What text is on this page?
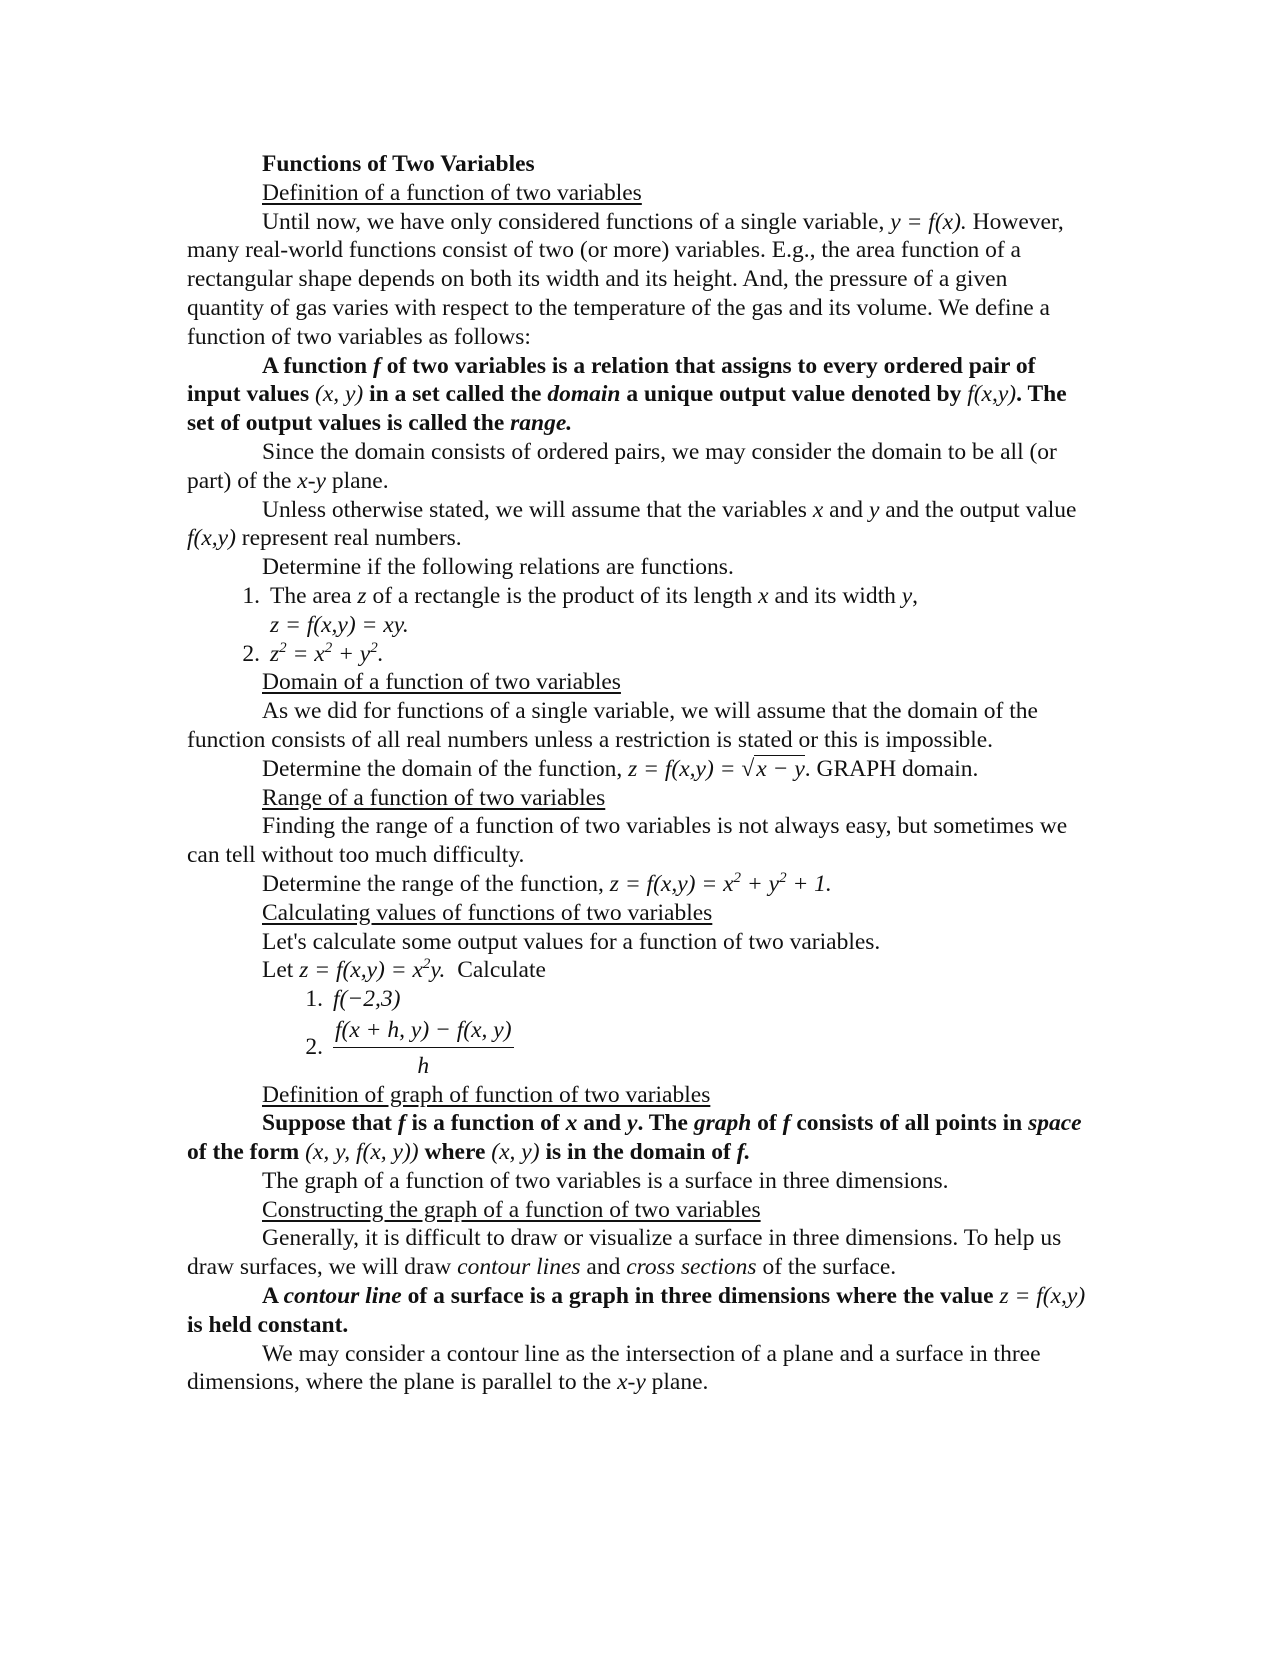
Functions of Two Variables

Definition of a function of two variables

Until now, we have only considered functions of a single variable, y = f(x). However, many real-world functions consist of two (or more) variables. E.g., the area function of a rectangular shape depends on both its width and its height. And, the pressure of a given quantity of gas varies with respect to the temperature of the gas and its volume. We define a function of two variables as follows:

A function f of two variables is a relation that assigns to every ordered pair of input values (x, y) in a set called the domain a unique output value denoted by f(x,y). The set of output values is called the range.

Since the domain consists of ordered pairs, we may consider the domain to be all (or part) of the x-y plane.

Unless otherwise stated, we will assume that the variables x and y and the output value f(x,y) represent real numbers.

Determine if the following relations are functions.

1. The area z of a rectangle is the product of its length x and its width y,

z = f(x,y) = xy.

2. $z^2 = x^2 + y^2$.

Domain of a function of two variables

As we did for functions of a single variable, we will assume that the domain of the function consists of all real numbers unless a restriction is stated or this is impossible.

Determine the domain of the function, z = f(x,y) = √x − y. GRAPH domain.

Range of a function of two variables

Finding the range of a function of two variables is not always easy, but sometimes we can tell without too much difficulty.

Determine the range of the function, $z = f(x,y) = x^2 + y^2 + 1$.

Calculating values of functions of two variables

Let's calculate some output values for a function of two variables.

Let $z = f(x,y) = x^2y$. Calculate

1. f(−2,3)

2. $\frac{f(x + h, y) - f(x, y)}{h}$

Definition of graph of function of two variables

Suppose that f is a function of x and y. The graph of f consists of all points in space of the form (x, y, f(x, y)) where (x, y) is in the domain of f.

The graph of a function of two variables is a surface in three dimensions.

Constructing the graph of a function of two variables

Generally, it is difficult to draw or visualize a surface in three dimensions. To help us draw surfaces, we will draw contour lines and cross sections of the surface.

A contour line of a surface is a graph in three dimensions where the value z = f(x,y) is held constant.

We may consider a contour line as the intersection of a plane and a surface in three dimensions, where the plane is parallel to the x-y plane.
